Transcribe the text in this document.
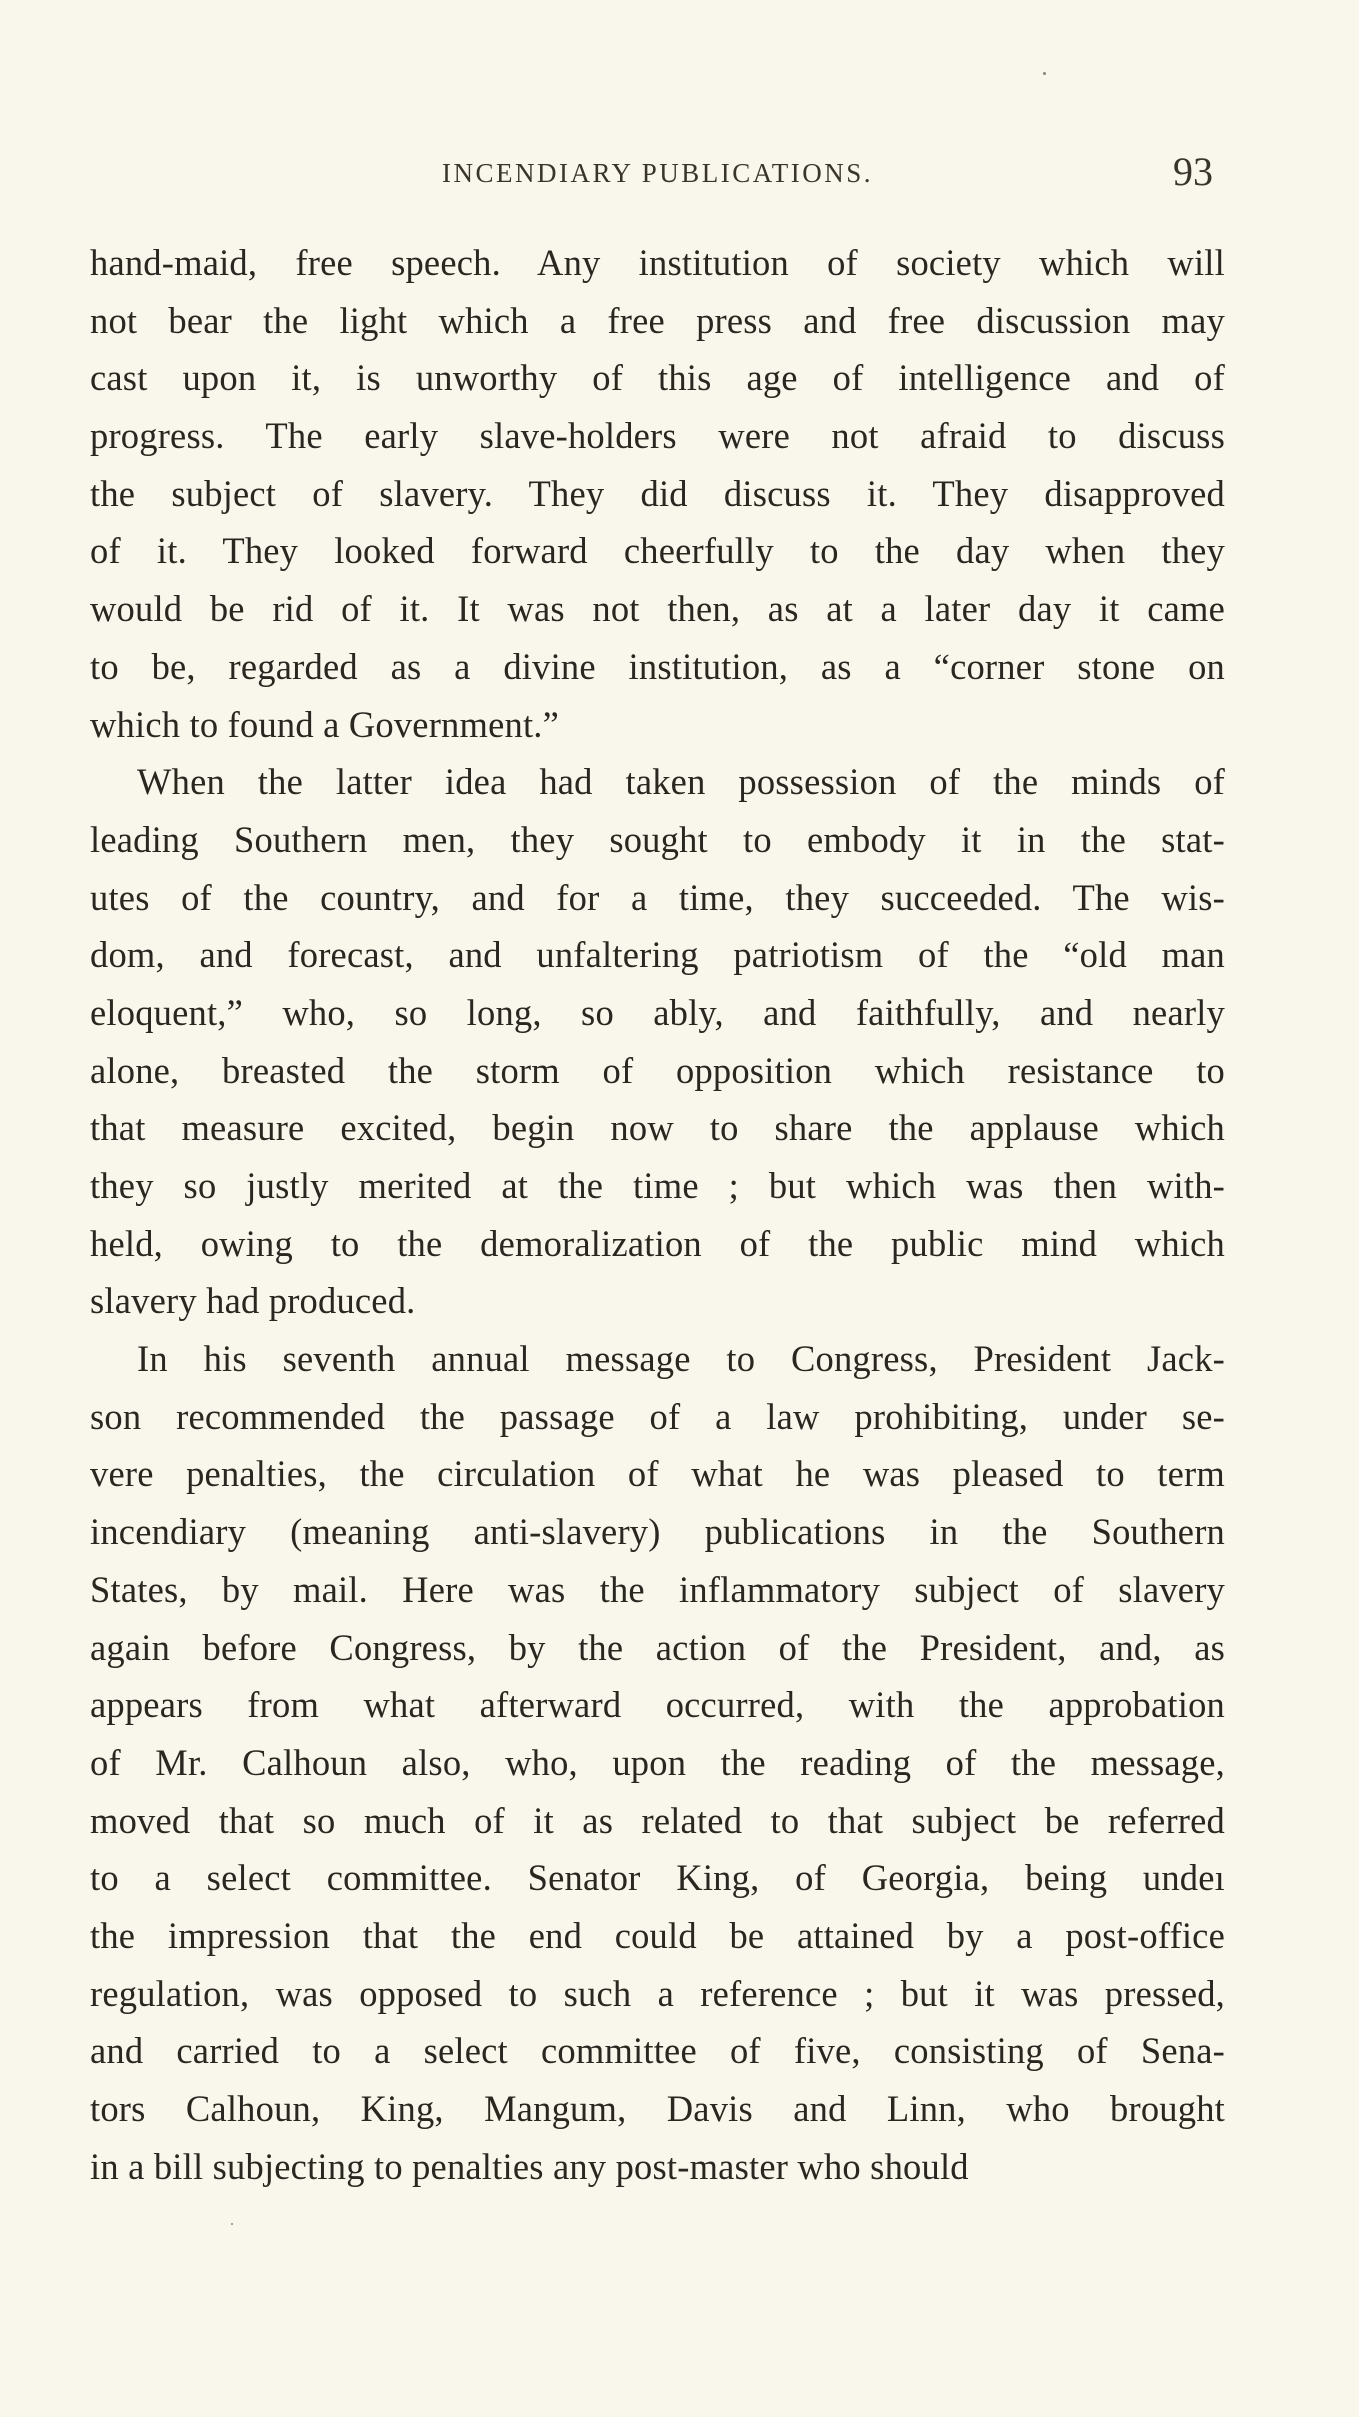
INCENDIARY PUBLICATIONS.	93
hand-maid, free speech. Any institution of society which will
not bear the light which a free press and free discussion may
cast upon it, is unworthy of this age of intelligence and of
progress. The early slave-holders were not afraid to discuss
the subject of slavery. They did discuss it. They disapproved
of it. They looked forward cheerfully to the day when they
would be rid of it. It was not then, as at a later day it came
to be, regarded as a divine institution, as a “corner stone on
which to found a Government.”
When the latter idea had taken possession of the minds of
leading Southern men, they sought to embody it in the stat-
utes of the country, and for a time, they succeeded. The wis-
dom, and forecast, and unfaltering patriotism of the “old man
eloquent,” who, so long, so ably, and faithfully, and nearly
alone, breasted the storm of opposition which resistance to
that measure excited, begin now to share the applause which
they so justly merited at the time ; but which was then with-
held, owing to the demoralization of the public mind which
slavery had produced.
In his seventh annual message to Congress, President Jack-
son recommended the passage of a law prohibiting, under se-
vere penalties, the circulation of what he was pleased to term
incendiary (meaning anti-slavery) publications in the Southern
States, by mail. Here was the inflammatory subject of slavery
again before Congress, by the action of the President, and, as
appears from what afterward occurred, with the approbation
of Mr. Calhoun also, who, upon the reading of the message,
moved that so much of it as related to that subject be referred
to a select committee. Senator King, of Georgia, being undeı
the impression that the end could be attained by a post-office
regulation, was opposed to such a reference ; but it was pressed,
and carried to a select committee of five, consisting of Sena-
tors Calhoun, King, Mangum, Davis and Linn, who brought
in a bill subjecting to penalties any post-master who should
